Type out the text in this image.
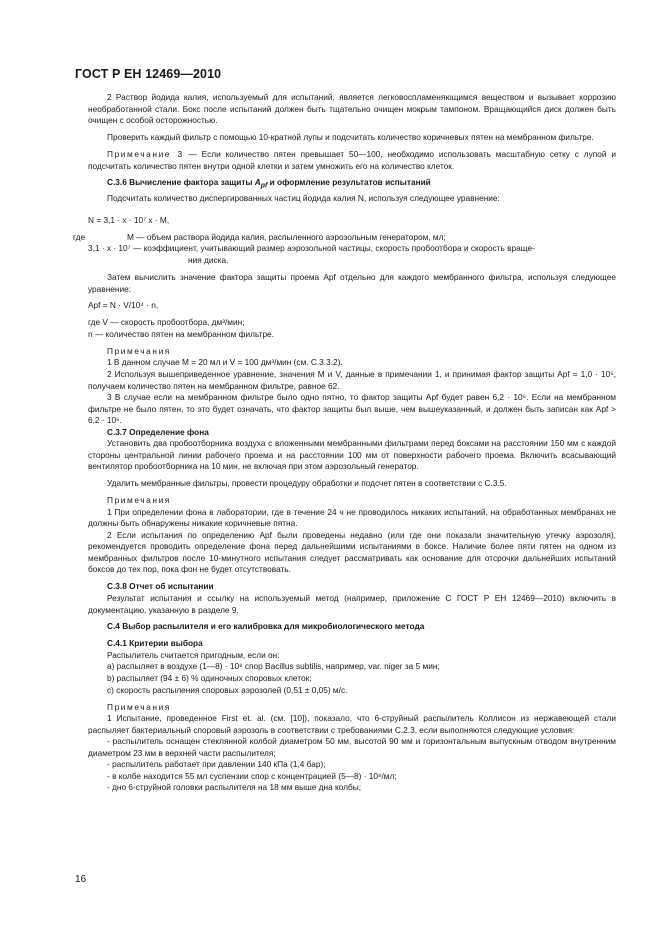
ГОСТ Р ЕН 12469—2010

2 Раствор йодида калия, используемый для испытаний, является легковоспламеняющимся веществом и вызывает коррозию необработанной стали. Бокс после испытаний должен быть тщательно очищен мокрым тампоном. Вращающийся диск должен быть очищен с особой осторожностью.

Проверить каждый фильтр с помощью 10-кратной лупы и подсчитать количество коричневых пятен на мембранном фильтре.

Примечание 3 — Если количество пятен превышает 50—100, необходимо использовать масштабную сетку с лупой и подсчитать количество пятен внутри одной клетки и затем умножить его на количество клеток.

С.3.6 Вычисление фактора защиты $A_{pf}$ и оформление результатов испытаний

Подсчитать количество диспергированных частиц йодида калия N, используя следующее уравнение:

N = 3,1 · x · 10⁷ x · M,

где	M — объем раствора йодида калия, распыленного аэрозольным генератором, мл;

3,1 · x · 10⁷ — коэффициент, учитывающий размер аэрозольной частицы, скорость пробоотбора и скорость враще-

ния диска.

Затем вычислить значение фактора защиты проема Apf отдельно для каждого мембранного фильтра, используя следующее уравнение:

Apf = N · V/10⁴ · n,

где V — скорость пробоотбора, дм³/мин;

n — количество пятен на мембранном фильтре.

Примечания

1 В данном случае M = 20 мл и V = 100 дм³/мин (см. С.3.3.2).

2 Используя вышеприведенное уравнение, значения M и V, данные в примечании 1, и принимая фактор защиты Apf = 1,0 · 10⁵, получаем количество пятен на мембранном фильтре, равное 62.

3 В случае если на мембранном фильтре было одно пятно, то фактор защиты Apf будет равен 6,2 · 10⁶. Если на мембранном фильтре не было пятен, то это будет означать, что фактор защиты был выше, чем вышеуказанный, и должен быть записан как Apf > 6,2 · 10⁶.

С.3.7 Определение фона

Установить два пробоотборника воздуха с вложенными мембранными фильтрами перед боксами на расстоянии 150 мм с каждой стороны центральной линии рабочего проема и на расстоянии 100 мм от поверхности рабочего проема. Включить всасывающий вентилятор пробоотборника на 10 мин, не включая при этом аэрозольный генератор.

Удалить мембранные фильтры, провести процедуру обработки и подсчет пятен в соответствии с С.3.5.

Примечания

1 При определении фона в лаборатории, где в течение 24 ч не проводилось никаких испытаний, на обработанных мембранах не должны быть обнаружены никакие коричневые пятна.

2 Если испытания по определению Apf были проведены недавно (или где они показали значительную утечку аэрозоля), рекомендуется проводить определение фона перед дальнейшими испытаниями в боксе. Наличие более пяти пятен на одном из мембранных фильтров после 10-минутного испытания следует рассматривать как основание для отсрочки дальнейших испытаний боксов до тех пор, пока фон не будет отсутствовать.

С.3.8 Отчет об испытании

Результат испытания и ссылку на используемый метод (например, приложение С ГОСТ Р ЕН 12469—2010) включить в документацию, указанную в разделе 9.

С.4 Выбор распылителя и его калибровка для микробиологического метода

С.4.1 Критерии выбора

Распылитель считается пригодным, если он:

a) распыляет в воздухе (1—8) · 10⁸ спор Bacillus subtilis, например, var. niger за 5 мин;

b) распыляет (94 ± 6) % одиночных споровых клеток;

c) скорость распыления споровых аэрозолей (0,51 ± 0,05) м/с.

Примечания

1 Испытание, проведенное First et. al. (см. [10]), показало, что 6-струйный распылитель Коллисон из нержавеющей стали распыляет бактериальный споровый аэрозоль в соответствии с требованиями С.2.3, если выполняются следующие условия:

- распылитель оснащен стеклянной колбой диаметром 50 мм, высотой 90 мм и горизонтальным выпускным отводом внутренним диаметром 23 мм в верхней части распылителя;

- распылитель работает при давлении 140 кПа (1,4 бар);

- в колбе находится 55 мл суспензии спор с концентрацией (5—8) · 10⁸/мл;

- дно 6-струйной головки распылителя на 18 мм выше дна колбы;

16
